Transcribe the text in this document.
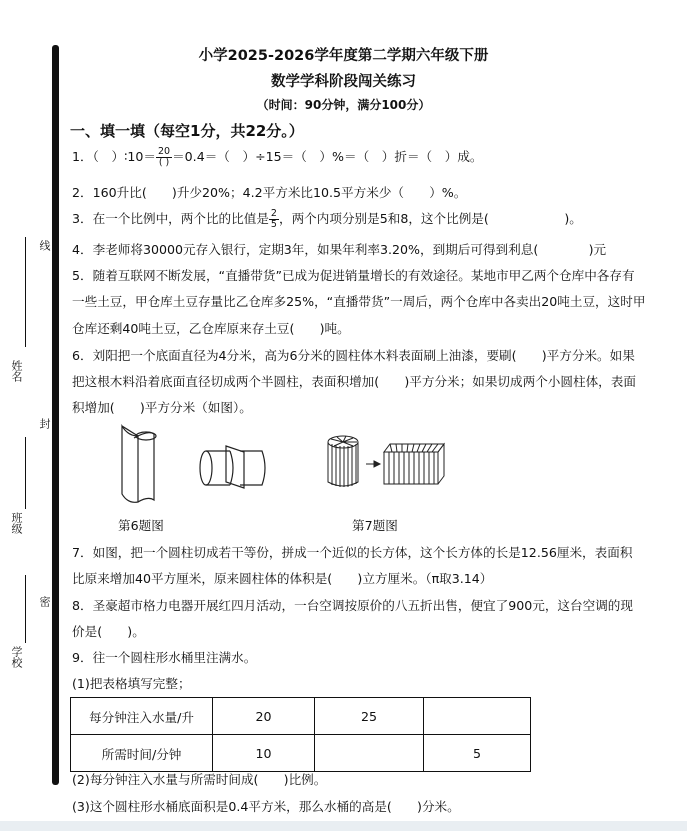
线
封
密
姓名
班级
学校
小学2025-2026学年度第二学期六年级下册
数学学科阶段闯关练习
（时间：90分钟，满分100分）
一、填一填（每空1分，共22分。）
1．（　）∶10＝ $\frac{20}{( )} =0.4=$（　）÷15＝（　）%＝（　）折＝（　）成。
2．160升比(　　)升少20%；4.2平方米比10.5平方米少（　　）%。
3．在一个比例中，两个比的比值是 $\frac{2}{5}$ ，两个内项分别是5和8，这个比例是(　　　　　　)。
4．李老师将30000元存入银行，定期3年，如果年利率3.20%，到期后可得到利息(　　　　)元
5．随着互联网不断发展，“直播带货”已成为促进销量增长的有效途径。某地市甲乙两个仓库中各存有
一些土豆，甲仓库土豆存量比乙仓库多25%，“直播带货”一周后，两个仓库中各卖出20吨土豆，这时甲
仓库还剩40吨土豆，乙仓库原来存土豆(　　)吨。
6．刘阳把一个底面直径为4分米，高为6分米的圆柱体木料表面刷上油漆，要刷(　　)平方分米。如果
把这根木料沿着底面直径切成两个半圆柱，表面积增加(　　)平方分米；如果切成两个小圆柱体，表面
积增加(　　)平方分米（如图）。
第6题图	第7题图
7．如图，把一个圆柱切成若干等份，拼成一个近似的长方体，这个长方体的长是12.56厘米，表面积
比原来增加40平方厘米，原来圆柱体的体积是(　　)立方厘米。（π取3.14）
8．圣豪超市格力电器开展红四月活动，一台空调按原价的八五折出售，便宜了900元，这台空调的现
价是(　　)。
9．往一个圆柱形水桶里注满水。
(1)把表格填写完整；
每分钟注入水量/升	20	25	
所需时间/分钟	10		5
(2)每分钟注入水量与所需时间成(　　)比例。
(3)这个圆柱形水桶底面积是0.4平方米，那么水桶的高是(　　)分米。
